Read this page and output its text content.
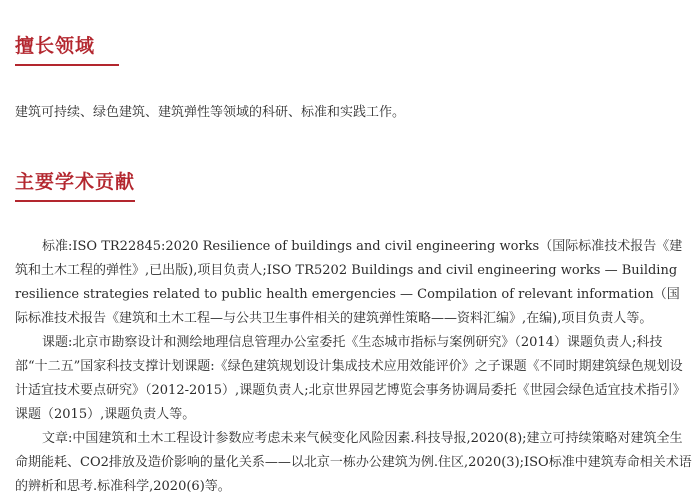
擅长领域

建筑可持续、绿色建筑、建筑弹性等领域的科研、标准和实践工作。

主要学术贡献

标准:ISO TR22845:2020 Resilience of buildings and civil engineering works（国际标准技术报告《建筑和土木工程的弹性》,已出版),项目负责人;ISO TR5202 Buildings and civil engineering works — Building resilience strategies related to public health emergencies — Compilation of relevant information（国际标准技术报告《建筑和土木工程—与公共卫生事件相关的建筑弹性策略——资料汇编》,在编),项目负责人等。

课题:北京市勘察设计和测绘地理信息管理办公室委托《生态城市指标与案例研究》（2014）课题负责人;科技部“十二五”国家科技支撑计划课题:《绿色建筑规划设计集成技术应用效能评价》之子课题《不同时期建筑绿色规划设计适宜技术要点研究》（2012-2015）,课题负责人;北京世界园艺博览会事务协调局委托《世园会绿色适宜技术指引》课题（2015）,课题负责人等。

文章:中国建筑和土木工程设计参数应考虑未来气候变化风险因素.科技导报,2020(8);建立可持续策略对建筑全生命期能耗、CO2排放及造价影响的量化关系——以北京一栋办公建筑为例.住区,2020(3);ISO标准中建筑寿命相关术语的辨析和思考.标准科学,2020(6)等。
